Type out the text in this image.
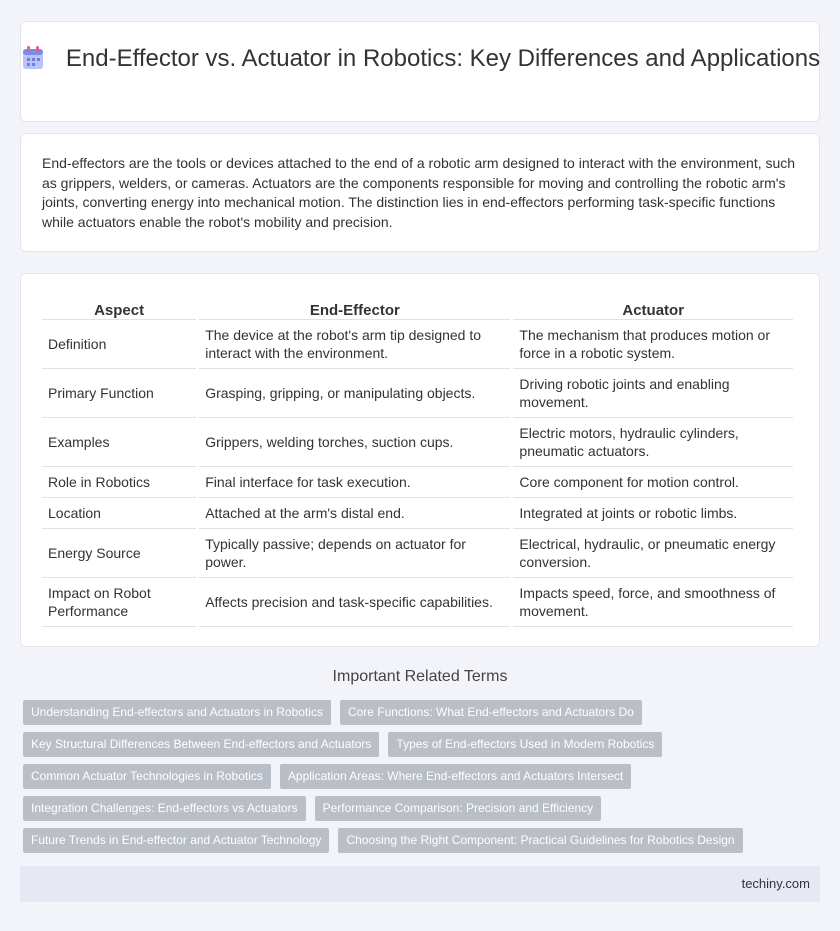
End-Effector vs. Actuator in Robotics: Key Differences and Applications

End-effectors are the tools or devices attached to the end of a robotic arm designed to interact with the environment, such as grippers, welders, or cameras. Actuators are the components responsible for moving and controlling the robotic arm's joints, converting energy into mechanical motion. The distinction lies in end-effectors performing task-specific functions while actuators enable the robot's mobility and precision.

Aspect	End-Effector	Actuator
Definition	The device at the robot's arm tip designed to interact with the environment.	The mechanism that produces motion or force in a robotic system.
Primary Function	Grasping, gripping, or manipulating objects.	Driving robotic joints and enabling movement.
Examples	Grippers, welding torches, suction cups.	Electric motors, hydraulic cylinders, pneumatic actuators.
Role in Robotics	Final interface for task execution.	Core component for motion control.
Location	Attached at the arm's distal end.	Integrated at joints or robotic limbs.
Energy Source	Typically passive; depends on actuator for power.	Electrical, hydraulic, or pneumatic energy conversion.
Impact on Robot Performance	Affects precision and task-specific capabilities.	Impacts speed, force, and smoothness of movement.
Important Related Terms
Understanding End-effectors and Actuators in Robotics Core Functions: What End-effectors and Actuators Do
Key Structural Differences Between End-effectors and Actuators Types of End-effectors Used in Modern Robotics
Common Actuator Technologies in Robotics Application Areas: Where End-effectors and Actuators Intersect
Integration Challenges: End-effectors vs Actuators Performance Comparison: Precision and Efficiency
Future Trends in End-effector and Actuator Technology Choosing the Right Component: Practical Guidelines for Robotics Design
techiny.com
